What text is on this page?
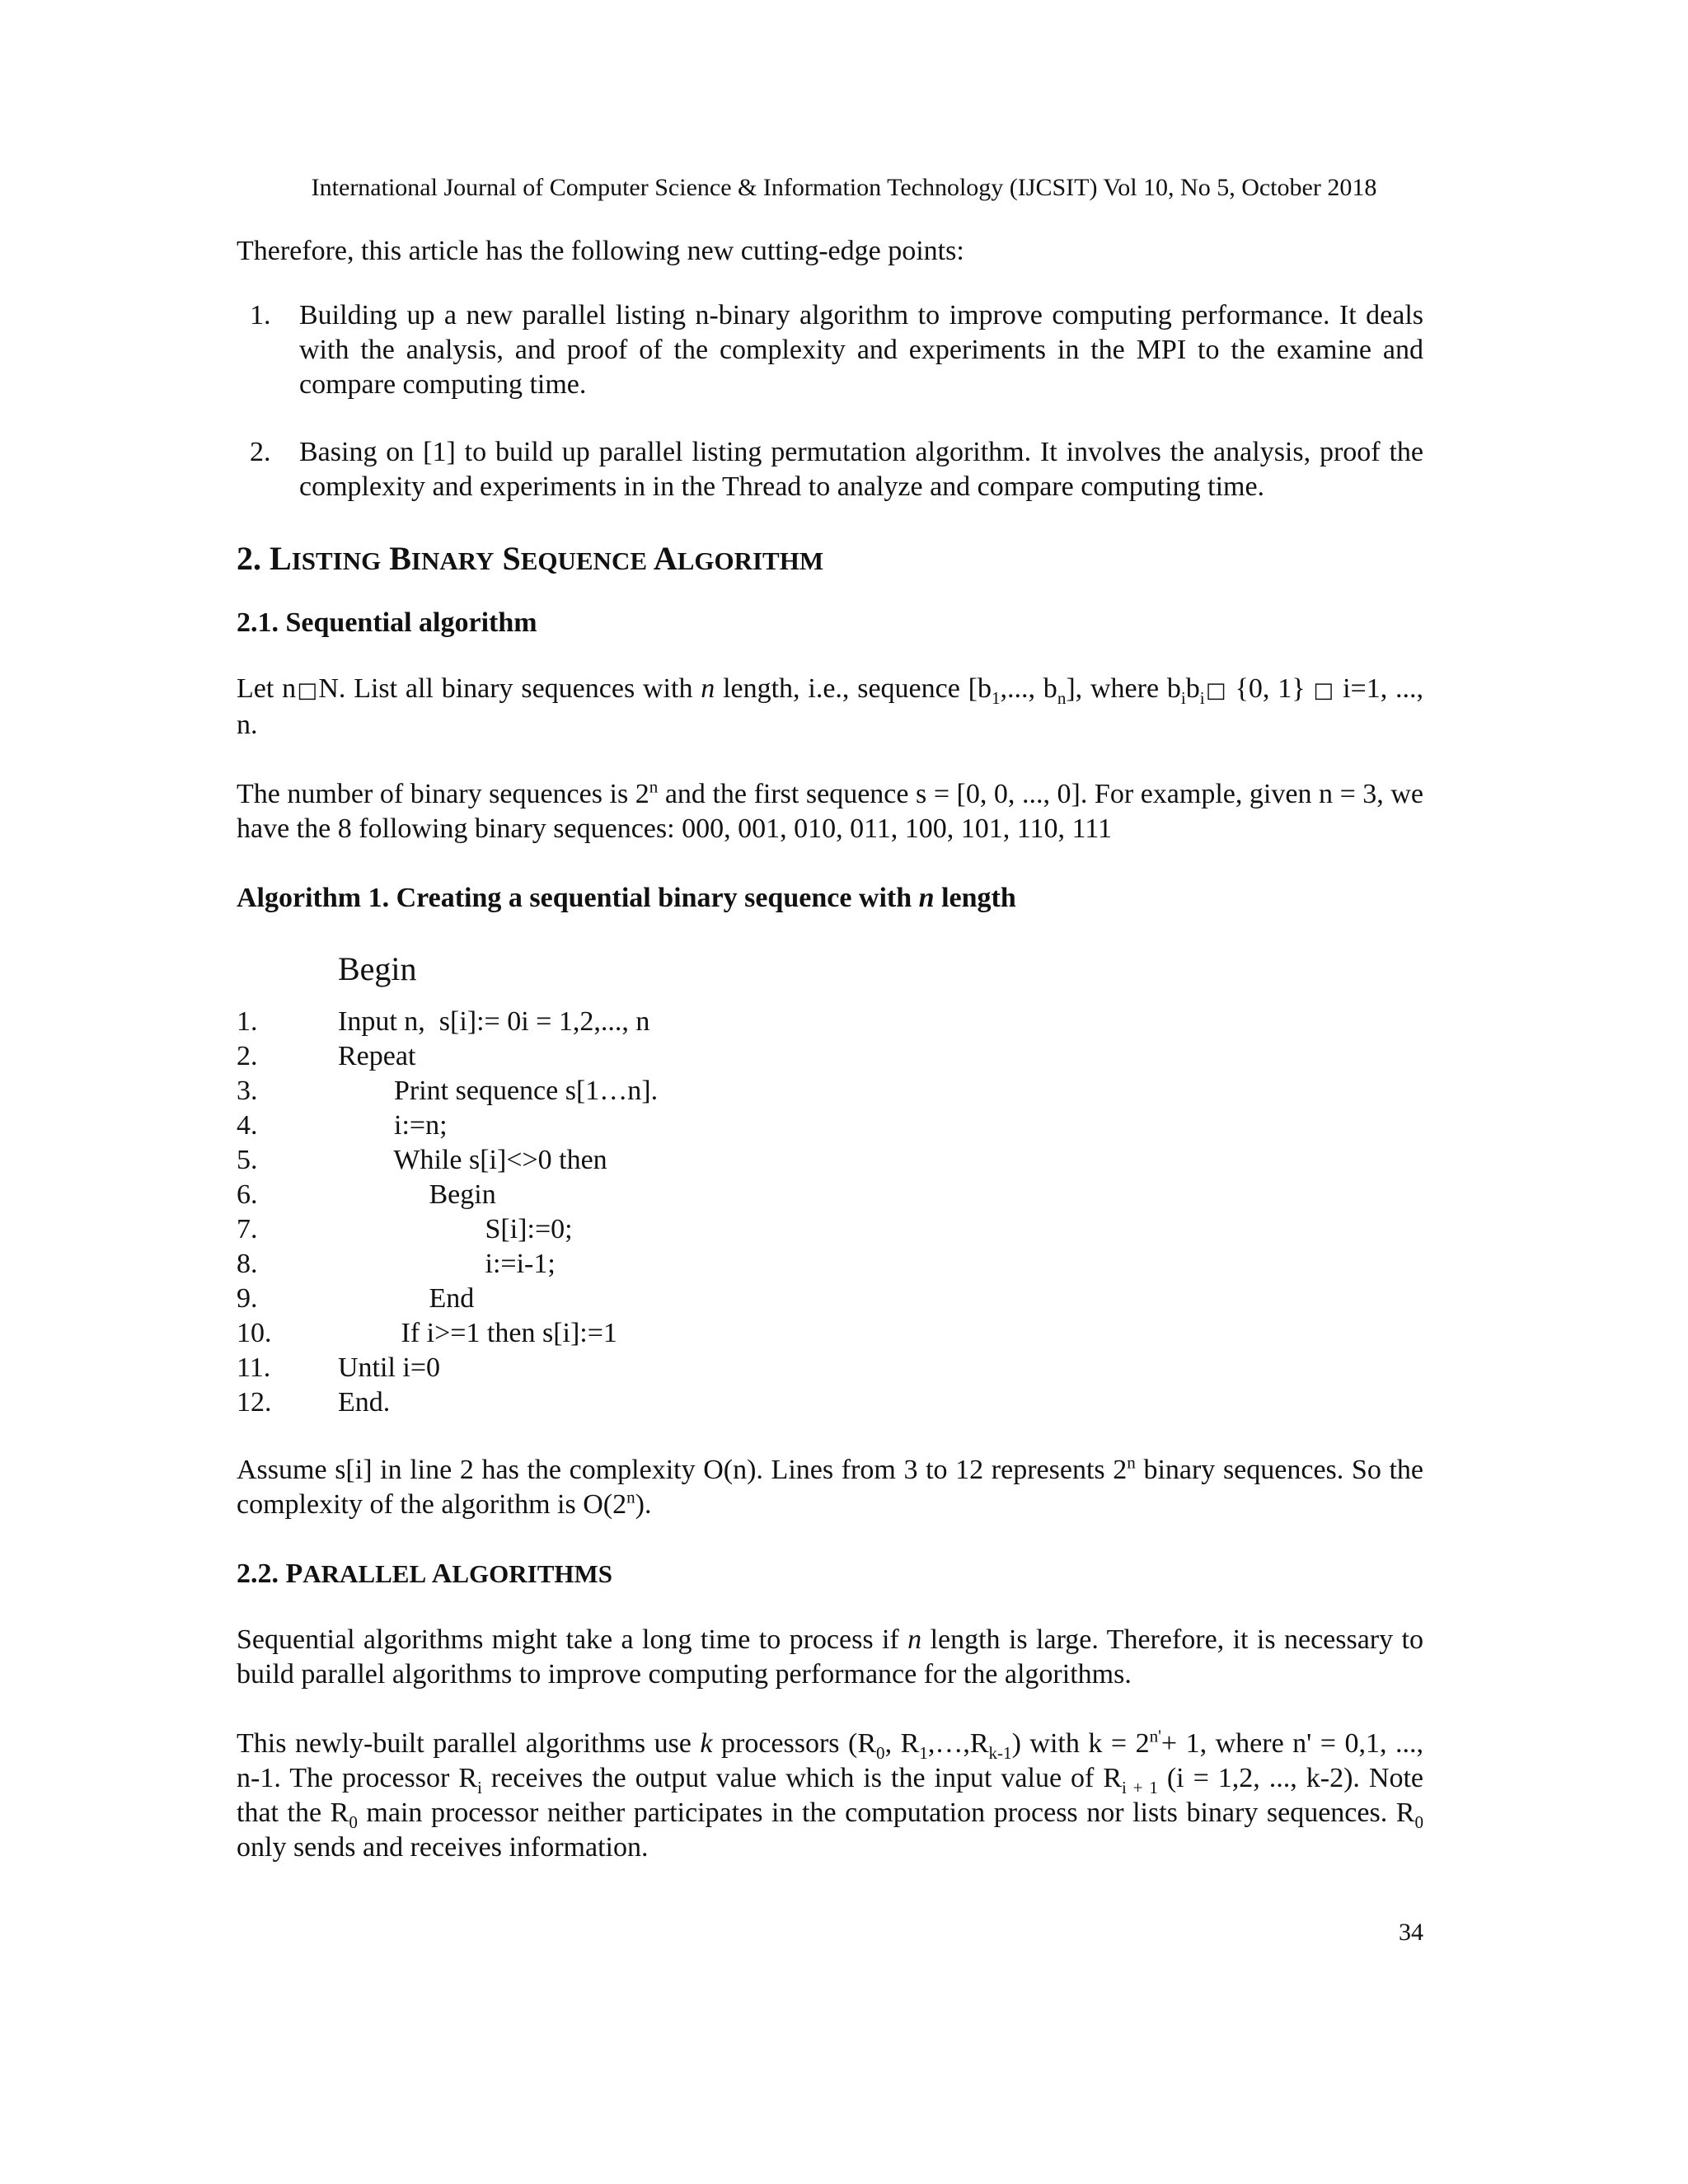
International Journal of Computer Science & Information Technology (IJCSIT) Vol 10, No 5, October 2018

Therefore, this article has the following new cutting-edge points:

1.	Building up a new parallel listing n-binary algorithm to improve computing performance. It deals with the analysis, and proof of the complexity and experiments in the MPI to the examine and compare computing time.
2.	Basing on [1] to build up parallel listing permutation algorithm. It involves the analysis, proof the complexity and experiments in in the Thread to analyze and compare computing time.
2. LISTING BINARY SEQUENCE ALGORITHM
2.1. Sequential algorithm

Let n□N. List all binary sequences with n length, i.e., sequence [$b_1$,..., $b_n$], where $b_ib_i□$ {0, 1} □ i=1, ..., n.

The number of binary sequences is 2$^n$ and the first sequence s = [0, 0, ..., 0]. For example, given n = 3, we have the 8 following binary sequences: 000, 001, 010, 011, 100, 101, 110, 111

Algorithm 1. Creating a sequential binary sequence with n length

Begin
1.	Input n,  s[i]:= 0i = 1,2,..., n
2.	Repeat
3.	Print sequence s[1…n].
4.	i:=n;
5.	While s[i]<>0 then
6.	Begin
7.	S[i]:=0;
8.	i:=i-1;
9.	End
10.	If i>=1 then s[i]:=1
11.	Until i=0
12.	End.

Assume s[i] in line 2 has the complexity O(n). Lines from 3 to 12 represents 2$^n$ binary sequences. So the complexity of the algorithm is O(2$^n$).

2.2. PARALLEL ALGORITHMS

Sequential algorithms might take a long time to process if n length is large. Therefore, it is necessary to build parallel algorithms to improve computing performance for the algorithms.

This newly-built parallel algorithms use k processors ($R_0$, $R_1,\dots,R_{k-1}$) with $k = 2^{n'}+ 1$, where n' = 0,1, ..., n-1. The processor $R_i$ receives the output value which is the input value of $R_{i + 1}$ (i = 1,2, ..., k-2). Note that the $R_0$ main processor neither participates in the computation process nor lists binary sequences. $R_0$ only sends and receives information.

34
